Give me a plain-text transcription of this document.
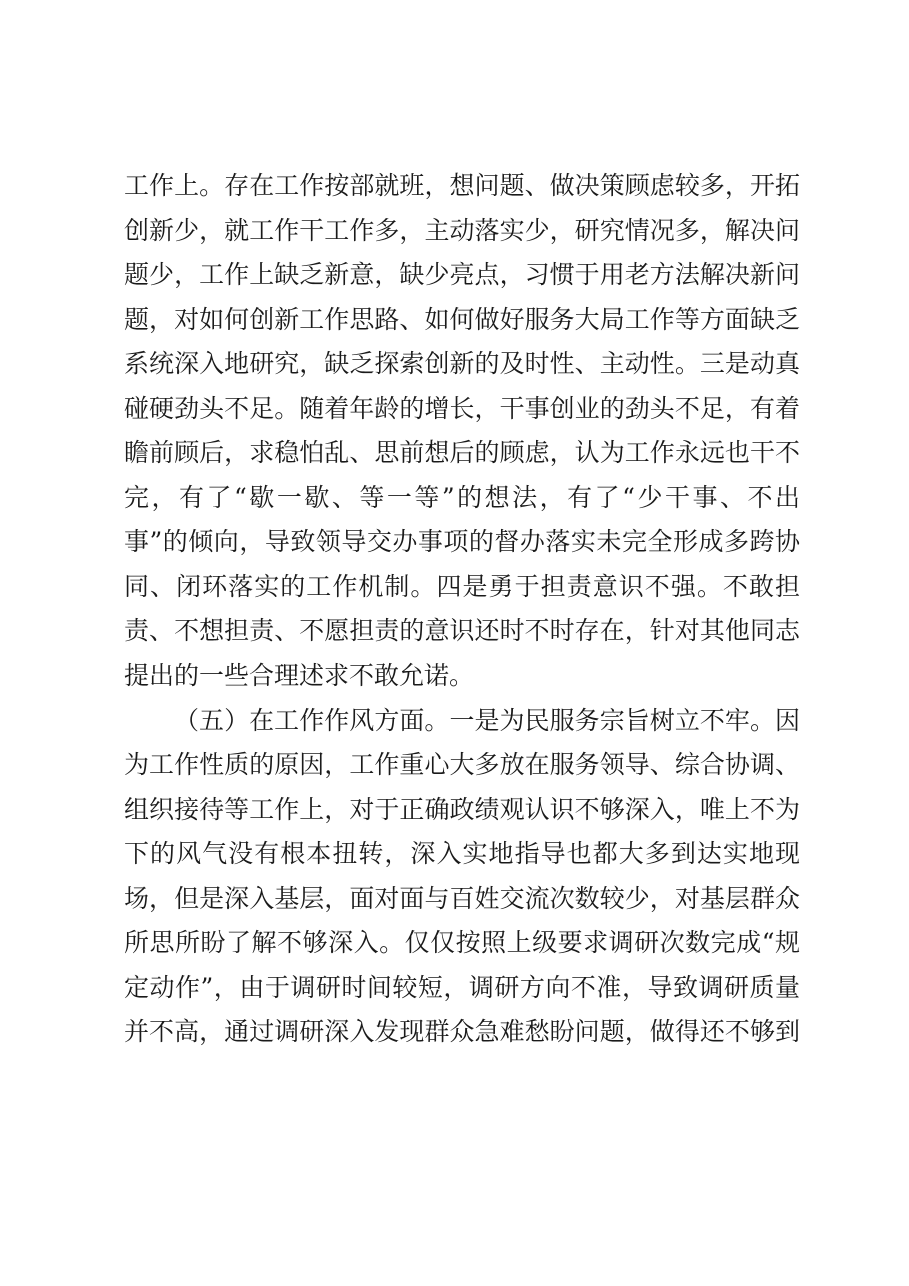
工作上。存在工作按部就班，想问题、做决策顾虑较多，开拓
创新少，就工作干工作多，主动落实少，研究情况多，解决问
题少，工作上缺乏新意，缺少亮点，习惯于用老方法解决新问
题，对如何创新工作思路、如何做好服务大局工作等方面缺乏
系统深入地研究，缺乏探索创新的及时性、主动性。三是动真
碰硬劲头不足。随着年龄的增长，干事创业的劲头不足，有着
瞻前顾后，求稳怕乱、思前想后的顾虑，认为工作永远也干不
完，有了“歇一歇、等一等”的想法，有了“少干事、不出
事”的倾向，导致领导交办事项的督办落实未完全形成多跨协
同、闭环落实的工作机制。四是勇于担责意识不强。不敢担
责、不想担责、不愿担责的意识还时不时存在，针对其他同志
提出的一些合理述求不敢允诺。
（五）在工作作风方面。一是为民服务宗旨树立不牢。因
为工作性质的原因，工作重心大多放在服务领导、综合协调、
组织接待等工作上，对于正确政绩观认识不够深入，唯上不为
下的风气没有根本扭转，深入实地指导也都大多到达实地现
场，但是深入基层，面对面与百姓交流次数较少，对基层群众
所思所盼了解不够深入。仅仅按照上级要求调研次数完成“规
定动作”，由于调研时间较短，调研方向不准，导致调研质量
并不高，通过调研深入发现群众急难愁盼问题，做得还不够到
